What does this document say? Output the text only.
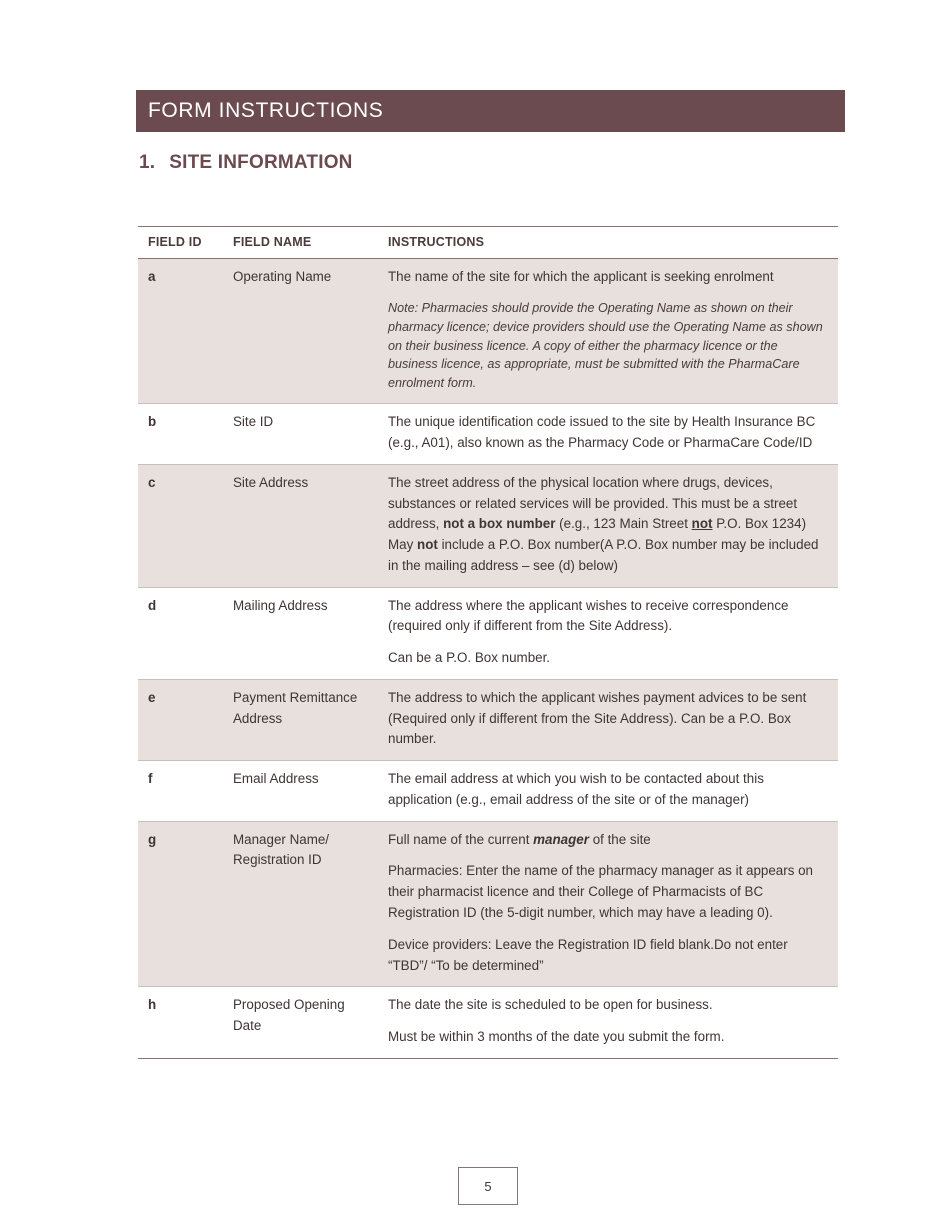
FORM INSTRUCTIONS
1. SITE INFORMATION
FIELD ID	FIELD NAME	INSTRUCTIONS
a	Operating Name	The name of the site for which the applicant is seeking enrolment

Note: Pharmacies should provide the Operating Name as shown on their pharmacy licence; device providers should use the Operating Name as shown on their business licence. A copy of either the pharmacy licence or the business licence, as appropriate, must be submitted with the PharmaCare enrolment form.

b	Site ID	The unique identification code issued to the site by Health Insurance BC (e.g., A01), also known as the Pharmacy Code or PharmaCare Code/ID

c	Site Address	The street address of the physical location where drugs, devices, substances or related services will be provided. This must be a street address, not a box number (e.g., 123 Main Street not P.O. Box 1234) May not include a P.O. Box number(A P.O. Box number may be included in the mailing address – see (d) below)

d	Mailing Address	The address where the applicant wishes to receive correspondence (required only if different from the Site Address).

Can be a P.O. Box number.

e	Payment Remittance Address	The address to which the applicant wishes payment advices to be sent (Required only if different from the Site Address). Can be a P.O. Box number.

f	Email Address	The email address at which you wish to be contacted about this application (e.g., email address of the site or of the manager)

g	Manager Name/ Registration ID	Full name of the current manager of the site

Pharmacies: Enter the name of the pharmacy manager as it appears on their pharmacist licence and their College of Pharmacists of BC Registration ID (the 5-digit number, which may have a leading 0).

Device providers: Leave the Registration ID field blank.Do not enter “TBD”/ “To be determined”

h	Proposed Opening Date	The date the site is scheduled to be open for business.

Must be within 3 months of the date you submit the form.

5
